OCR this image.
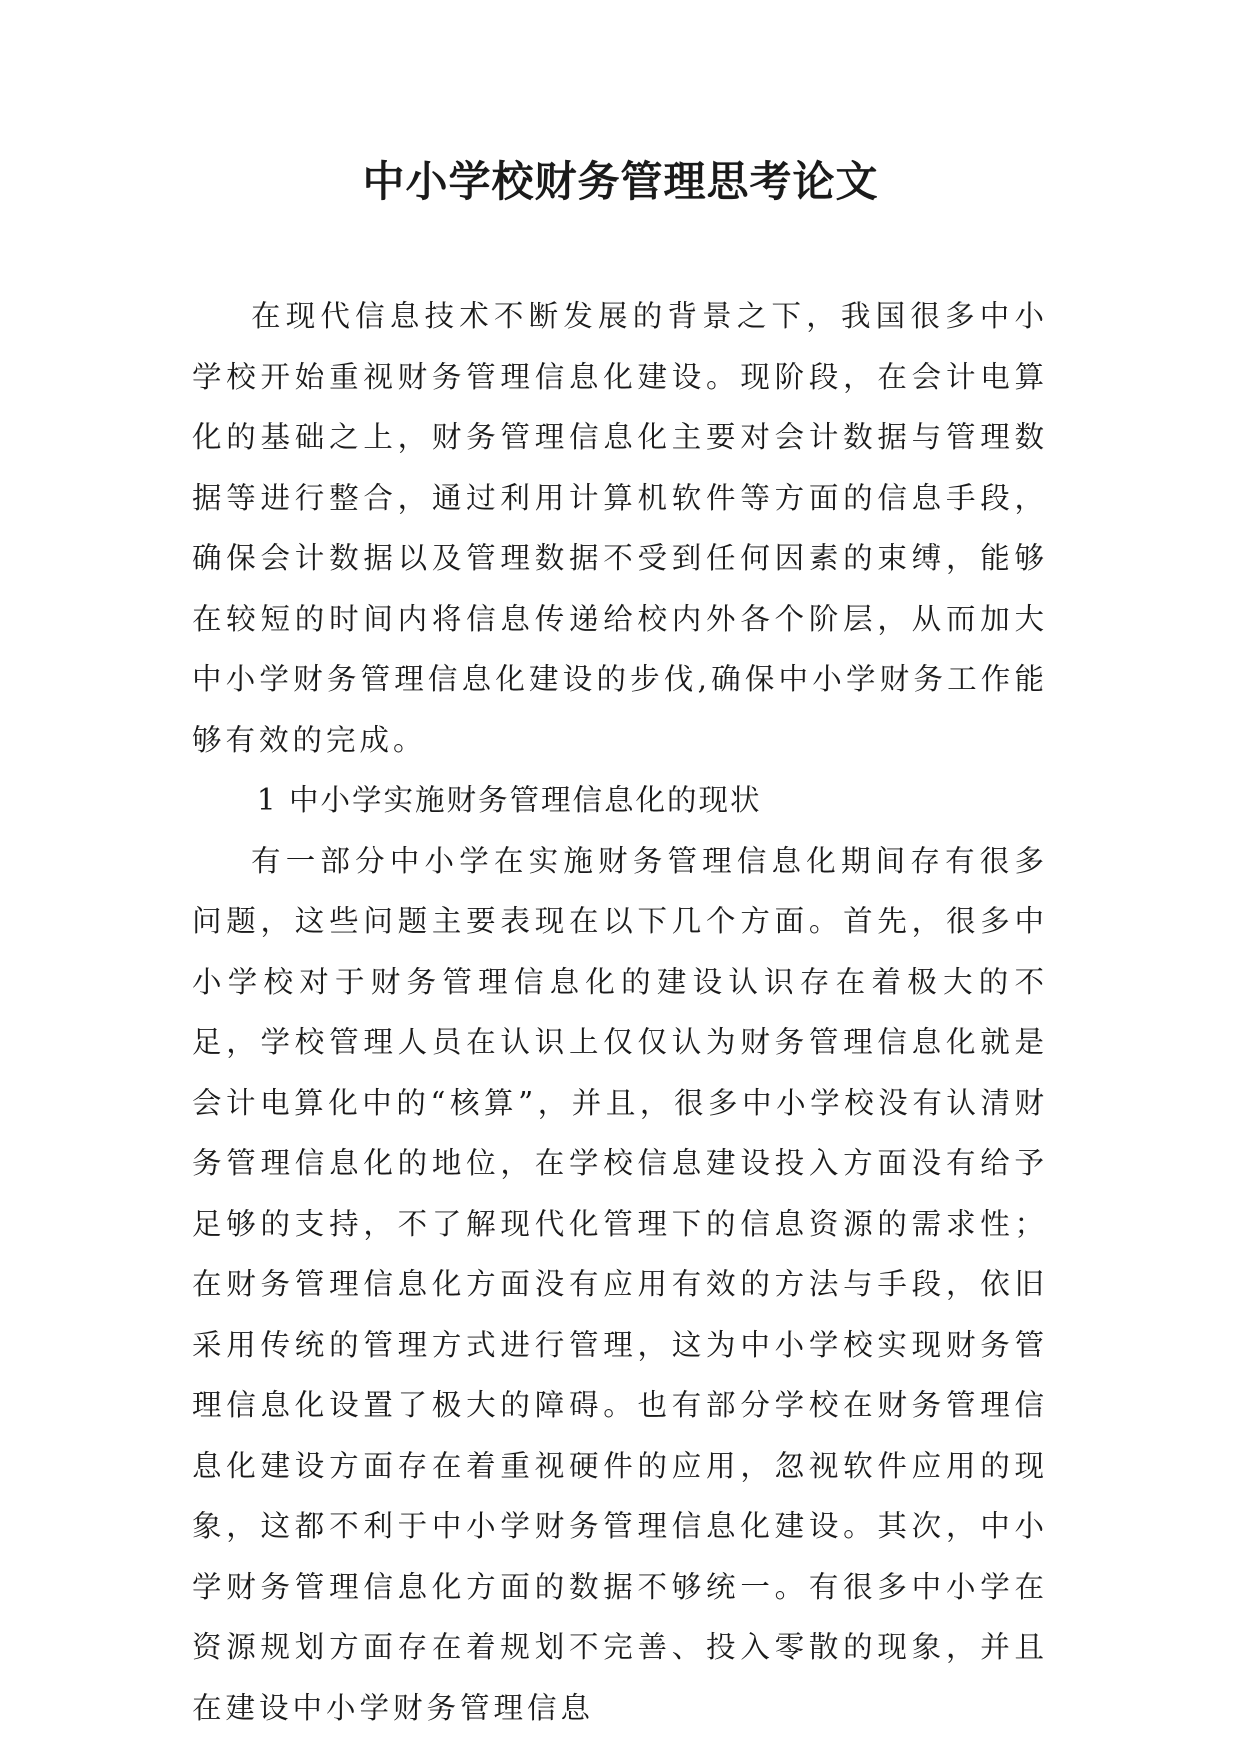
中小学校财务管理思考论文

在现代信息技术不断发展的背景之下，我国很多中小学校开始重视财务管理信息化建设。现阶段，在会计电算化的基础之上，财务管理信息化主要对会计数据与管理数据等进行整合，通过利用计算机软件等方面的信息手段，确保会计数据以及管理数据不受到任何因素的束缚，能够在较短的时间内将信息传递给校内外各个阶层，从而加大中小学财务管理信息化建设的步伐,确保中小学财务工作能够有效的完成。

1 中小学实施财务管理信息化的现状

有一部分中小学在实施财务管理信息化期间存有很多问题，这些问题主要表现在以下几个方面。首先，很多中小学校对于财务管理信息化的建设认识存在着极大的不足，学校管理人员在认识上仅仅认为财务管理信息化就是会计电算化中的“核算”，并且，很多中小学校没有认清财务管理信息化的地位，在学校信息建设投入方面没有给予足够的支持，不了解现代化管理下的信息资源的需求性；在财务管理信息化方面没有应用有效的方法与手段，依旧采用传统的管理方式进行管理，这为中小学校实现财务管理信息化设置了极大的障碍。也有部分学校在财务管理信息化建设方面存在着重视硬件的应用，忽视软件应用的现象，这都不利于中小学财务管理信息化建设。其次，中小学财务管理信息化方面的数据不够统一。有很多中小学在资源规划方面存在着规划不完善、投入零散的现象，并且在建设中小学财务管理信息
